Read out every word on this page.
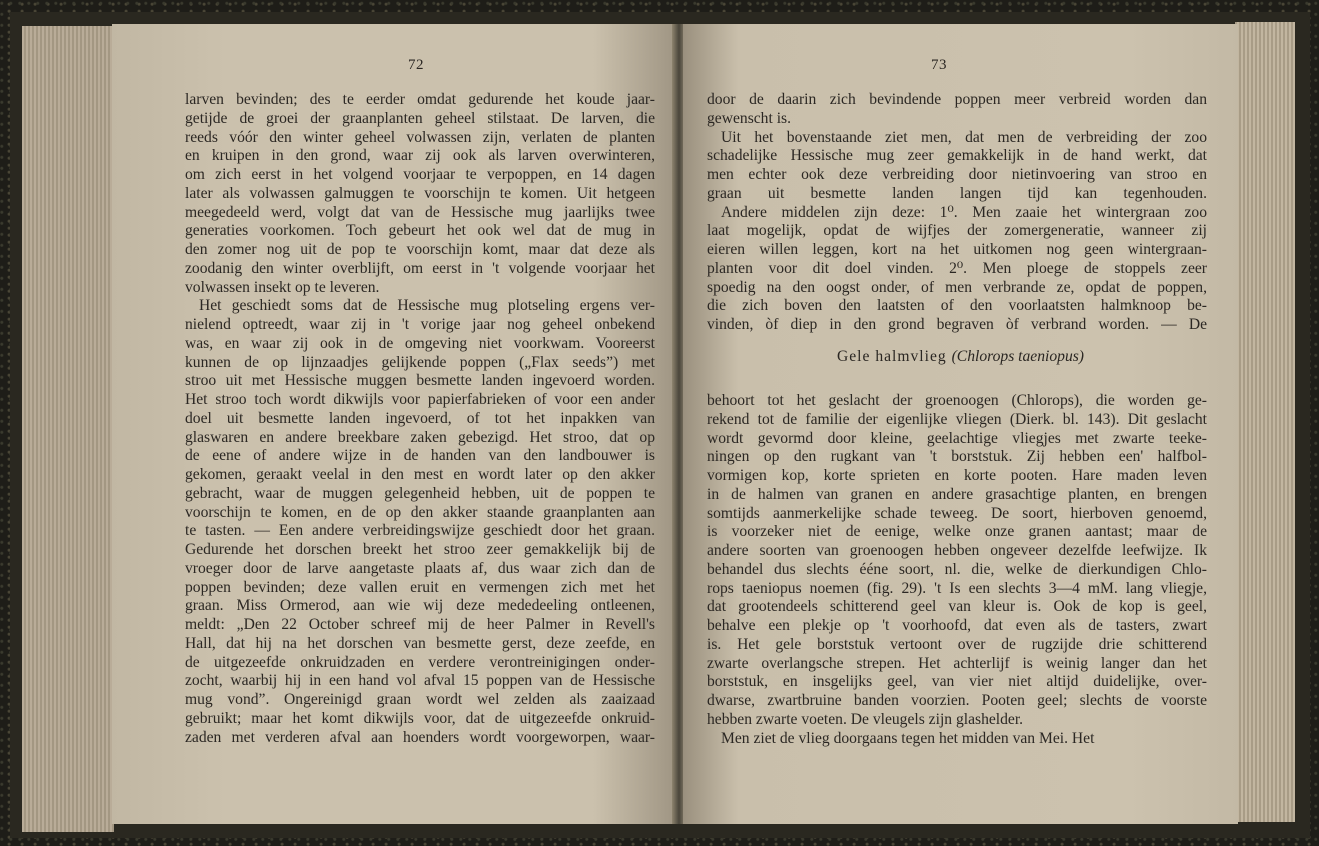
72
larven bevinden; des te eerder omdat gedurende het koude jaar-
getijde de groei der graanplanten geheel stilstaat. De larven, die
reeds vóór den winter geheel volwassen zijn, verlaten de planten
en kruipen in den grond, waar zij ook als larven overwinteren,
om zich eerst in het volgend voorjaar te verpoppen, en 14 dagen
later als volwassen galmuggen te voorschijn te komen. Uit hetgeen
meegedeeld werd, volgt dat van de Hessische mug jaarlijks twee
generaties voorkomen. Toch gebeurt het ook wel dat de mug in
den zomer nog uit de pop te voorschijn komt, maar dat deze als
zoodanig den winter overblijft, om eerst in 't volgende voorjaar het
volwassen insekt op te leveren.
Het geschiedt soms dat de Hessische mug plotseling ergens ver-
nielend optreedt, waar zij in 't vorige jaar nog geheel onbekend
was, en waar zij ook in de omgeving niet voorkwam. Vooreerst
kunnen de op lijnzaadjes gelijkende poppen („Flax seeds”) met
stroo uit met Hessische muggen besmette landen ingevoerd worden.
Het stroo toch wordt dikwijls voor papierfabrieken of voor een ander
doel uit besmette landen ingevoerd, of tot het inpakken van
glaswaren en andere breekbare zaken gebezigd. Het stroo, dat op
de eene of andere wijze in de handen van den landbouwer is
gekomen, geraakt veelal in den mest en wordt later op den akker
gebracht, waar de muggen gelegenheid hebben, uit de poppen te
voorschijn te komen, en de op den akker staande graanplanten aan
te tasten. — Een andere verbreidingswijze geschiedt door het graan.
Gedurende het dorschen breekt het stroo zeer gemakkelijk bij de
vroeger door de larve aangetaste plaats af, dus waar zich dan de
poppen bevinden; deze vallen eruit en vermengen zich met het
graan. Miss Ormerod, aan wie wij deze mededeeling ontleenen,
meldt: „Den 22 October schreef mij de heer Palmer in Revell's
Hall, dat hij na het dorschen van besmette gerst, deze zeefde, en
de uitgezeefde onkruidzaden en verdere verontreinigingen onder-
zocht, waarbij hij in een hand vol afval 15 poppen van de Hessische
mug vond”. Ongereinigd graan wordt wel zelden als zaaizaad
gebruikt; maar het komt dikwijls voor, dat de uitgezeefde onkruid-
zaden met verderen afval aan hoenders wordt voorgeworpen, waar-
73
door de daarin zich bevindende poppen meer verbreid worden dan
gewenscht is.
Uit het bovenstaande ziet men, dat men de verbreiding der zoo
schadelijke Hessische mug zeer gemakkelijk in de hand werkt, dat
men echter ook deze verbreiding door nietinvoering van stroo en
graan uit besmette landen langen tijd kan tegenhouden.
Andere middelen zijn deze: 1⁰. Men zaaie het wintergraan zoo
laat mogelijk, opdat de wijfjes der zomergeneratie, wanneer zij
eieren willen leggen, kort na het uitkomen nog geen wintergraan-
planten voor dit doel vinden. 2⁰. Men ploege de stoppels zeer
spoedig na den oogst onder, of men verbrande ze, opdat de poppen,
die zich boven den laatsten of den voorlaatsten halmknoop be-
vinden, òf diep in den grond begraven òf verbrand worden. — De
Gele halmvlieg (Chlorops taeniopus)
behoort tot het geslacht der groenoogen (Chlorops), die worden ge-
rekend tot de familie der eigenlijke vliegen (Dierk. bl. 143). Dit geslacht
wordt gevormd door kleine, geelachtige vliegjes met zwarte teeke-
ningen op den rugkant van 't borststuk. Zij hebben een' halfbol-
vormigen kop, korte sprieten en korte pooten. Hare maden leven
in de halmen van granen en andere grasachtige planten, en brengen
somtijds aanmerkelijke schade teweeg. De soort, hierboven genoemd,
is voorzeker niet de eenige, welke onze granen aantast; maar de
andere soorten van groenoogen hebben ongeveer dezelfde leefwijze. Ik
behandel dus slechts ééne soort, nl. die, welke de dierkundigen Chlo-
rops taeniopus noemen (fig. 29). 't Is een slechts 3—4 mM. lang vliegje,
dat grootendeels schitterend geel van kleur is. Ook de kop is geel,
behalve een plekje op 't voorhoofd, dat even als de tasters, zwart
is. Het gele borststuk vertoont over de rugzijde drie schitterend
zwarte overlangsche strepen. Het achterlijf is weinig langer dan het
borststuk, en insgelijks geel, van vier niet altijd duidelijke, over-
dwarse, zwartbruine banden voorzien. Pooten geel; slechts de voorste
hebben zwarte voeten. De vleugels zijn glashelder.
Men ziet de vlieg doorgaans tegen het midden van Mei. Het
